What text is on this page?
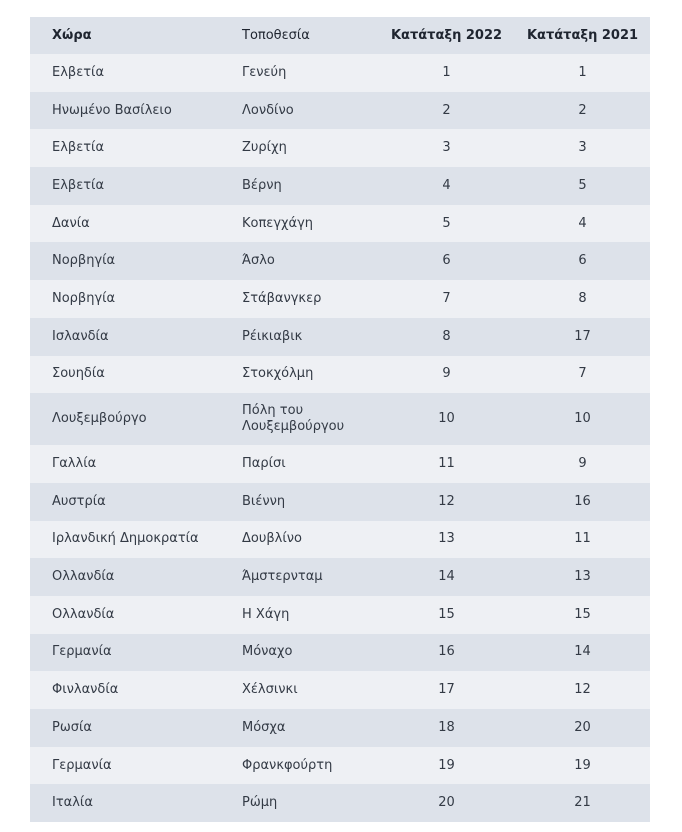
Χώρα	Τοποθεσία	Κατάταξη 2022	Κατάταξη 2021
Ελβετία	Γενεύη	1	1
Ηνωμένο Βασίλειο	Λονδίνο	2	2
Ελβετία	Ζυρίχη	3	3
Ελβετία	Βέρνη	4	5
Δανία	Κοπεγχάγη	5	4
Νορβηγία	Άσλο	6	6
Νορβηγία	Στάβανγκερ	7	8
Ισλανδία	Ρέικιαβικ	8	17
Σουηδία	Στοκχόλμη	9	7
Λουξεμβούργο	Πόλη του Λουξεμβούργου	10	10
Γαλλία	Παρίσι	11	9
Αυστρία	Βιέννη	12	16
Ιρλανδική Δημοκρατία	Δουβλίνο	13	11
Ολλανδία	Άμστερνταμ	14	13
Ολλανδία	Η Χάγη	15	15
Γερμανία	Μόναχο	16	14
Φινλανδία	Χέλσινκι	17	12
Ρωσία	Μόσχα	18	20
Γερμανία	Φρανκφούρτη	19	19
Ιταλία	Ρώμη	20	21
